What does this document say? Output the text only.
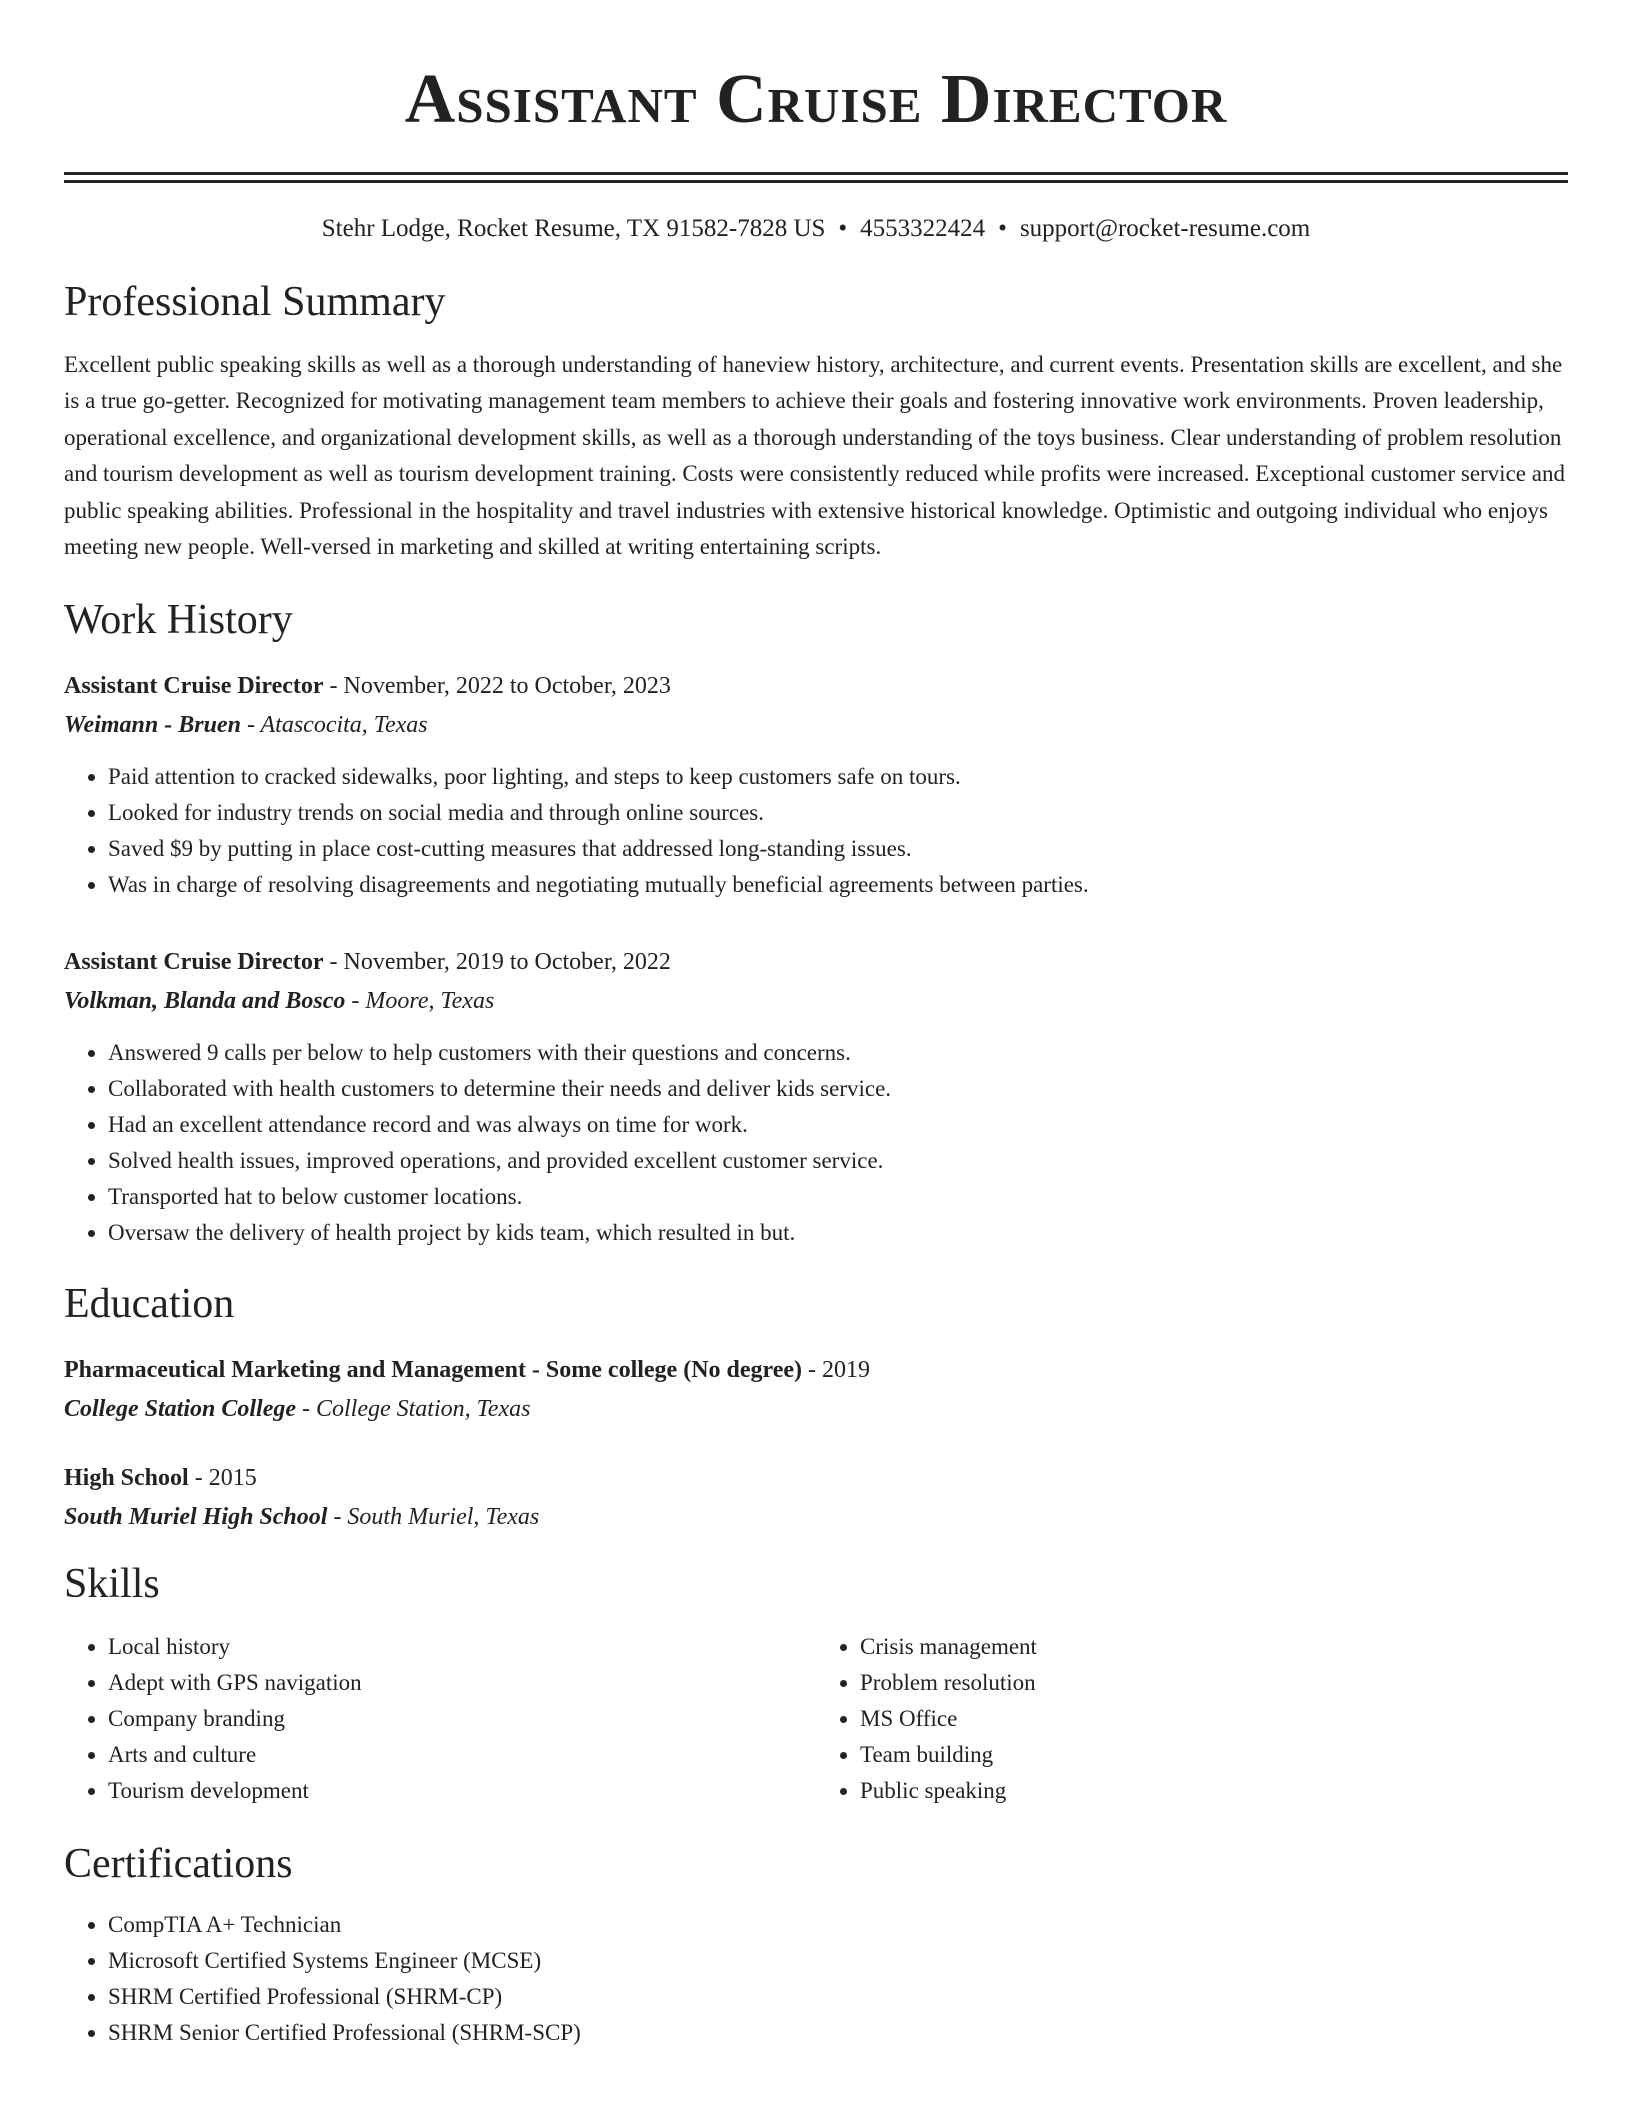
Assistant Cruise Director
Stehr Lodge, Rocket Resume, TX 91582-7828 US • 4553322424 • support@rocket-resume.com
Professional Summary
Excellent public speaking skills as well as a thorough understanding of haneview history, architecture, and current events. Presentation skills are excellent, and she is a true go-getter. Recognized for motivating management team members to achieve their goals and fostering innovative work environments. Proven leadership, operational excellence, and organizational development skills, as well as a thorough understanding of the toys business. Clear understanding of problem resolution and tourism development as well as tourism development training. Costs were consistently reduced while profits were increased. Exceptional customer service and public speaking abilities. Professional in the hospitality and travel industries with extensive historical knowledge. Optimistic and outgoing individual who enjoys meeting new people. Well-versed in marketing and skilled at writing entertaining scripts.
Work History
Assistant Cruise Director - November, 2022 to October, 2023
Weimann - Bruen - Atascocita, Texas
• Paid attention to cracked sidewalks, poor lighting, and steps to keep customers safe on tours.
• Looked for industry trends on social media and through online sources.
• Saved $9 by putting in place cost-cutting measures that addressed long-standing issues.
• Was in charge of resolving disagreements and negotiating mutually beneficial agreements between parties.
Assistant Cruise Director - November, 2019 to October, 2022
Volkman, Blanda and Bosco - Moore, Texas
• Answered 9 calls per below to help customers with their questions and concerns.
• Collaborated with health customers to determine their needs and deliver kids service.
• Had an excellent attendance record and was always on time for work.
• Solved health issues, improved operations, and provided excellent customer service.
• Transported hat to below customer locations.
• Oversaw the delivery of health project by kids team, which resulted in but.
Education
Pharmaceutical Marketing and Management - Some college (No degree) - 2019
College Station College - College Station, Texas
High School - 2015
South Muriel High School - South Muriel, Texas
Skills
• Local history
• Adept with GPS navigation
• Company branding
• Arts and culture
• Tourism development
• Crisis management
• Problem resolution
• MS Office
• Team building
• Public speaking
Certifications
• CompTIA A+ Technician
• Microsoft Certified Systems Engineer (MCSE)
• SHRM Certified Professional (SHRM-CP)
• SHRM Senior Certified Professional (SHRM-SCP)
